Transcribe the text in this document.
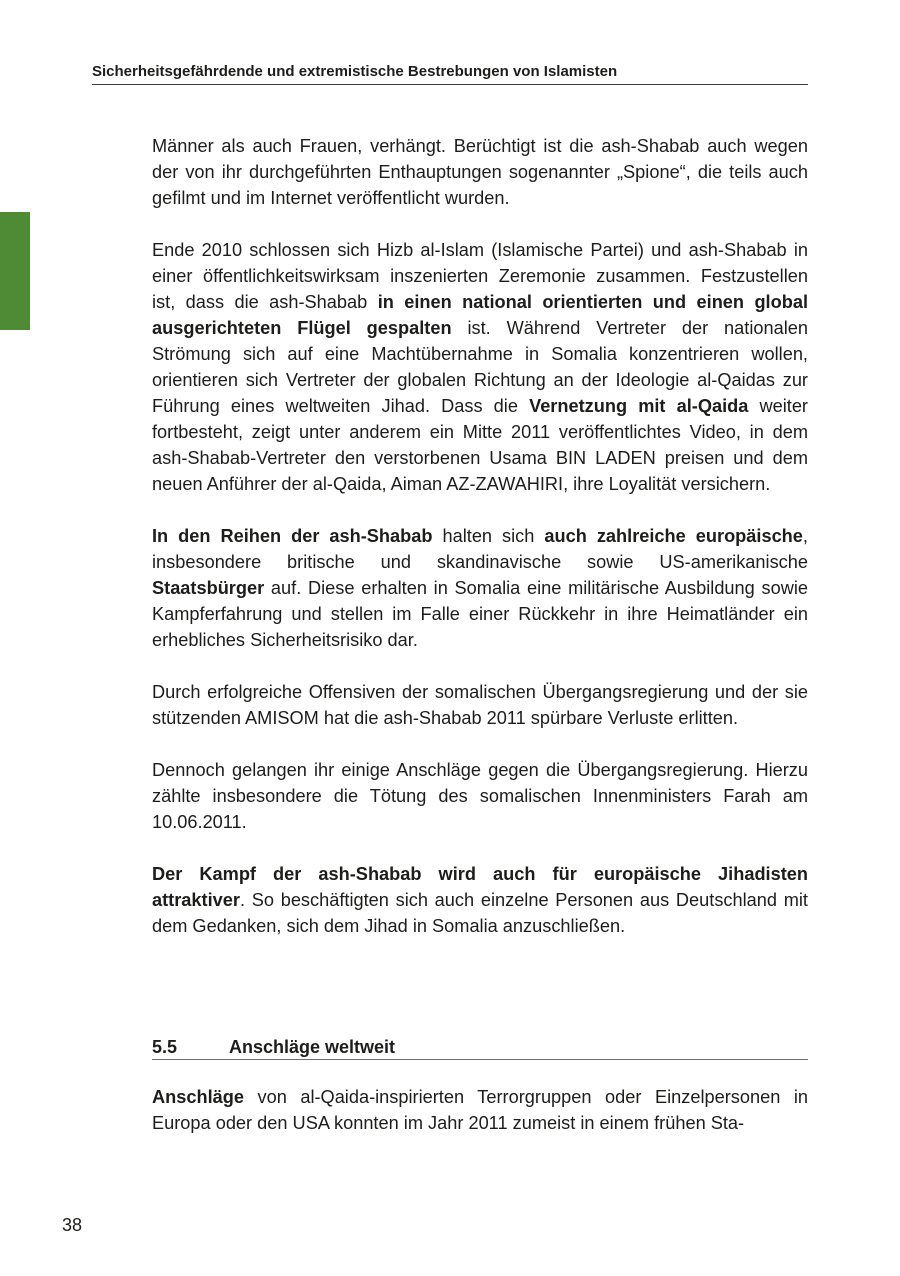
Sicherheitsgefährdende und extremistische Bestrebungen von Islamisten

Männer als auch Frauen, verhängt. Berüchtigt ist die ash-Shabab auch wegen der von ihr durchgeführten Enthauptungen sogenannter „Spione“, die teils auch gefilmt und im Internet veröffentlicht wurden.

Ende 2010 schlossen sich Hizb al-Islam (Islamische Partei) und ash-Shabab in einer öffentlichkeitswirksam inszenierten Zeremonie zusammen. Festzustellen ist, dass die ash-Shabab in einen national orientierten und einen global ausgerichteten Flügel gespalten ist. Während Vertreter der nationalen Strömung sich auf eine Machtübernahme in Somalia konzentrieren wollen, orientieren sich Vertreter der globalen Richtung an der Ideologie al-Qaidas zur Führung eines weltweiten Jihad. Dass die Vernetzung mit al-Qaida weiter fortbesteht, zeigt unter anderem ein Mitte 2011 veröffentlichtes Video, in dem ash-Shabab-Vertreter den verstorbenen Usama BIN LADEN preisen und dem neuen Anführer der al-Qaida, Aiman AZ-ZAWAHIRI, ihre Loyalität versichern.

In den Reihen der ash-Shabab halten sich auch zahlreiche europäische, insbesondere britische und skandinavische sowie US-amerikanische Staatsbürger auf. Diese erhalten in Somalia eine militärische Ausbildung sowie Kampferfahrung und stellen im Falle einer Rückkehr in ihre Heimatländer ein erhebliches Sicherheitsrisiko dar.

Durch erfolgreiche Offensiven der somalischen Übergangsregierung und der sie stützenden AMISOM hat die ash-Shabab 2011 spürbare Verluste erlitten.

Dennoch gelangen ihr einige Anschläge gegen die Übergangsregierung. Hierzu zählte insbesondere die Tötung des somalischen Innenministers Farah am 10.06.2011.

Der Kampf der ash-Shabab wird auch für europäische Jihadisten attraktiver. So beschäftigten sich auch einzelne Personen aus Deutschland mit dem Gedanken, sich dem Jihad in Somalia anzuschließen.

5.5	Anschläge weltweit

Anschläge von al-Qaida-inspirierten Terrorgruppen oder Einzelpersonen in Europa oder den USA konnten im Jahr 2011 zumeist in einem frühen Sta-

38
